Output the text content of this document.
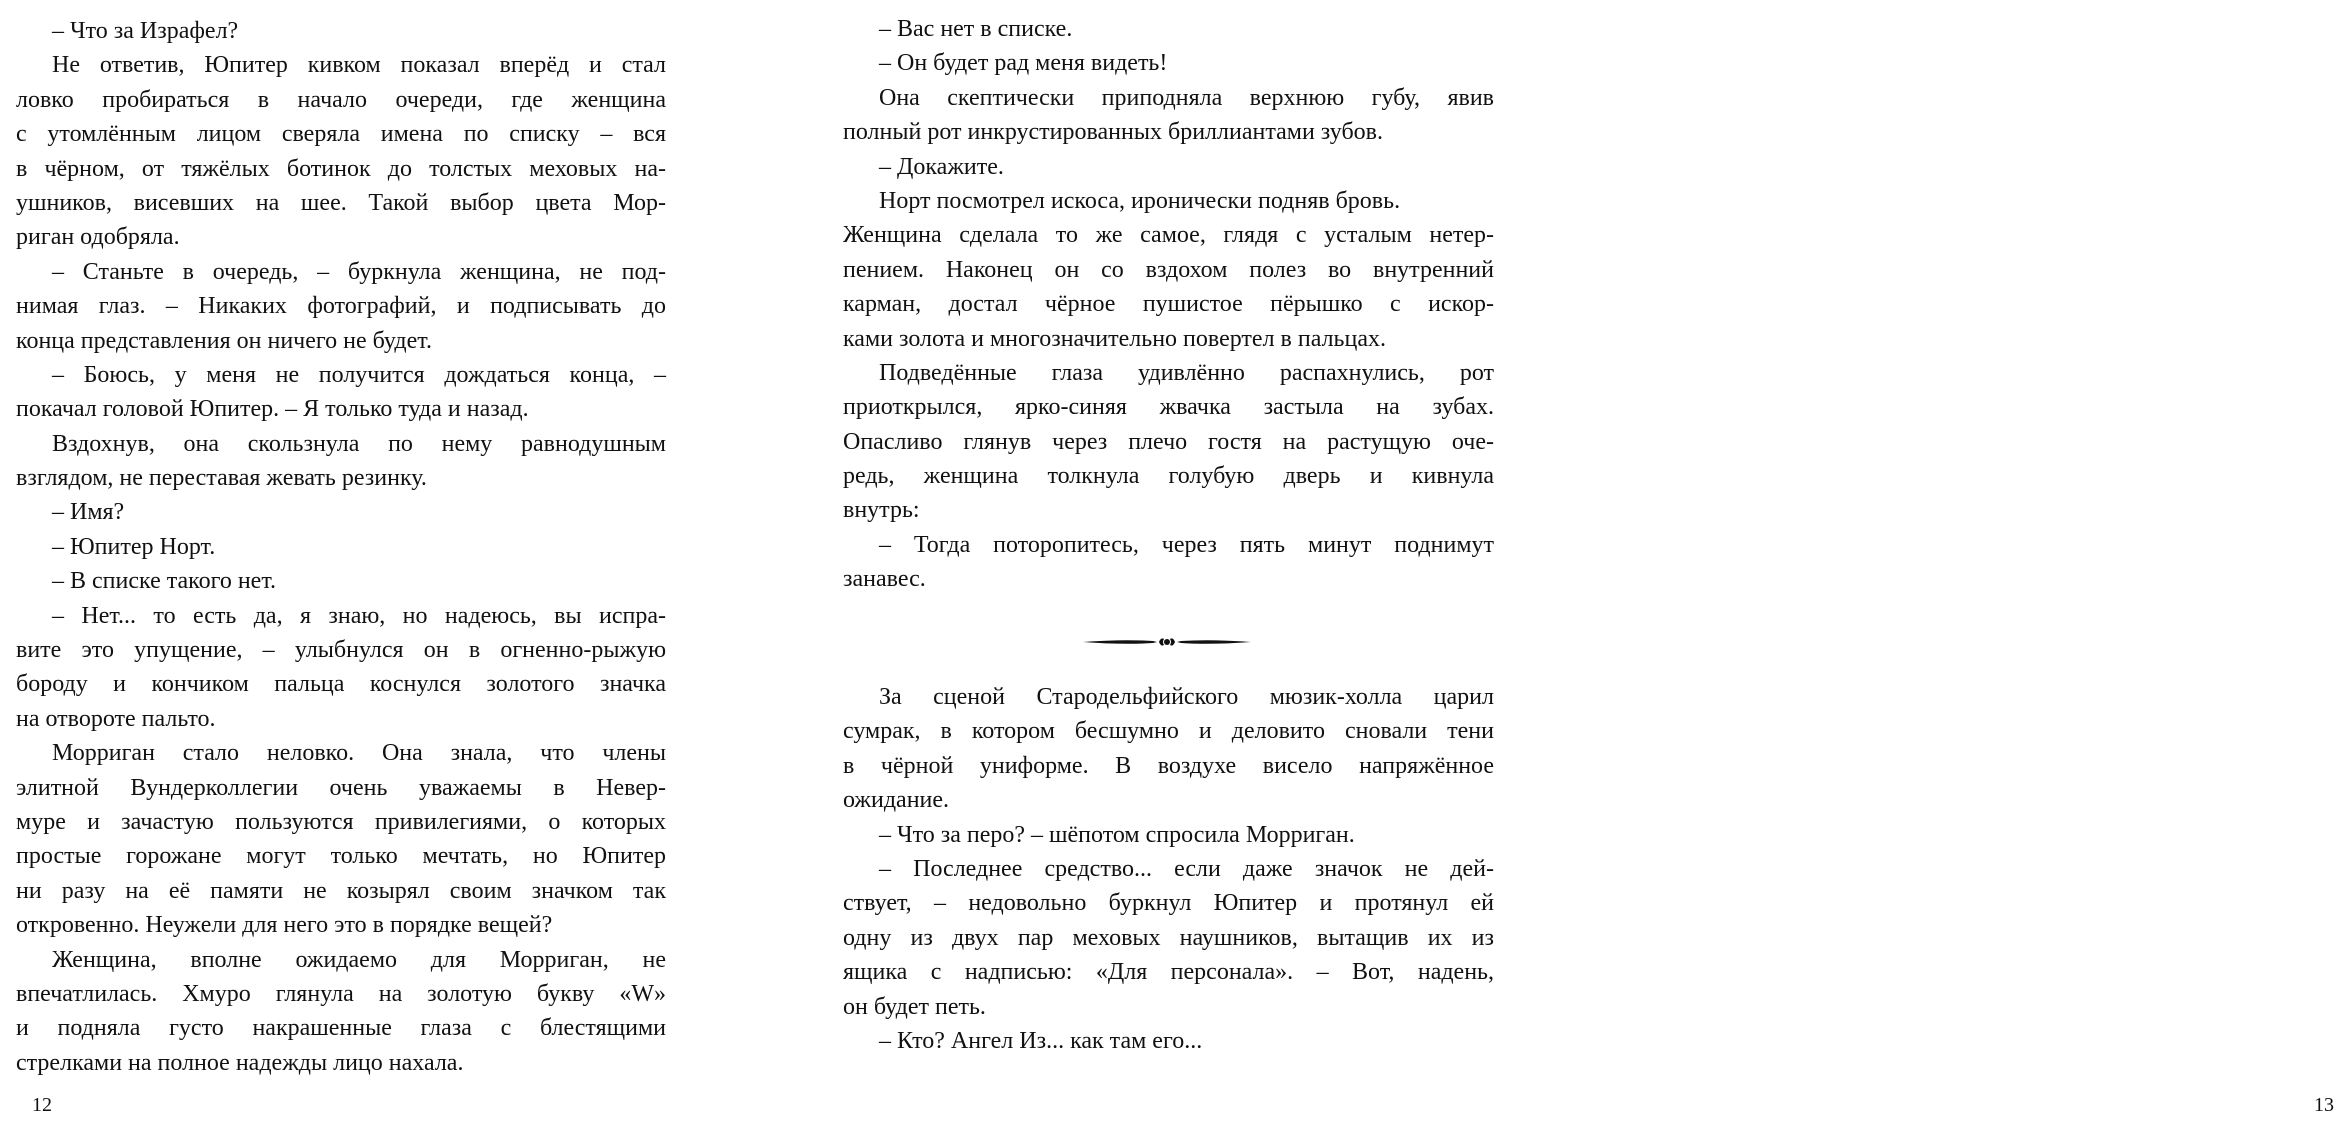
– Что за Израфел?
Не ответив, Юпитер кивком показал вперёд и стал
ловко пробираться в начало очереди, где женщина
с утомлённым лицом сверяла имена по списку – вся
в чёрном, от тяжёлых ботинок до толстых меховых на-
ушников, висевших на шее. Такой выбор цвета Мор-
риган одобряла.
– Станьте в очередь, – буркнула женщина, не под-
нимая глаз. – Никаких фотографий, и подписывать до
конца представления он ничего не будет.
– Боюсь, у меня не получится дождаться конца, –
покачал головой Юпитер. – Я только туда и назад.
Вздохнув, она скользнула по нему равнодушным
взглядом, не переставая жевать резинку.
– Имя?
– Юпитер Норт.
– В списке такого нет.
– Нет... то есть да, я знаю, но надеюсь, вы испра-
вите это упущение, – улыбнулся он в огненно-рыжую
бороду и кончиком пальца коснулся золотого значка
на отвороте пальто.
Морриган стало неловко. Она знала, что члены
элитной Вундерколлегии очень уважаемы в Невер-
муре и зачастую пользуются привилегиями, о которых
простые горожане могут только мечтать, но Юпитер
ни разу на её памяти не козырял своим значком так
откровенно. Неужели для него это в порядке вещей?
Женщина, вполне ожидаемо для Морриган, не
впечатлилась. Хмуро глянула на золотую букву «W»
и подняла густо накрашенные глаза с блестящими
стрелками на полное надежды лицо нахала.
12
– Вас нет в списке.
– Он будет рад меня видеть!
Она скептически приподняла верхнюю губу, явив
полный рот инкрустированных бриллиантами зубов.
– Докажите.
Норт посмотрел искоса, иронически подняв бровь.
Женщина сделала то же самое, глядя с усталым нетер-
пением. Наконец он со вздохом полез во внутренний
карман, достал чёрное пушистое пёрышко с искор-
ками золота и многозначительно повертел в пальцах.
Подведённые глаза удивлённо распахнулись, рот
приоткрылся, ярко-синяя жвачка застыла на зубах.
Опасливо глянув через плечо гостя на растущую оче-
редь, женщина толкнула голубую дверь и кивнула
внутрь:
– Тогда поторопитесь, через пять минут поднимут
занавес.
За сценой Стародельфийского мюзик-холла царил
сумрак, в котором бесшумно и деловито сновали тени
в чёрной униформе. В воздухе висело напряжённое
ожидание.
– Что за перо? – шёпотом спросила Морриган.
– Последнее средство... если даже значок не дей-
ствует, – недовольно буркнул Юпитер и протянул ей
одну из двух пар меховых наушников, вытащив их из
ящика с надписью: «Для персонала». – Вот, надень,
он будет петь.
– Кто? Ангел Из... как там его...
13
